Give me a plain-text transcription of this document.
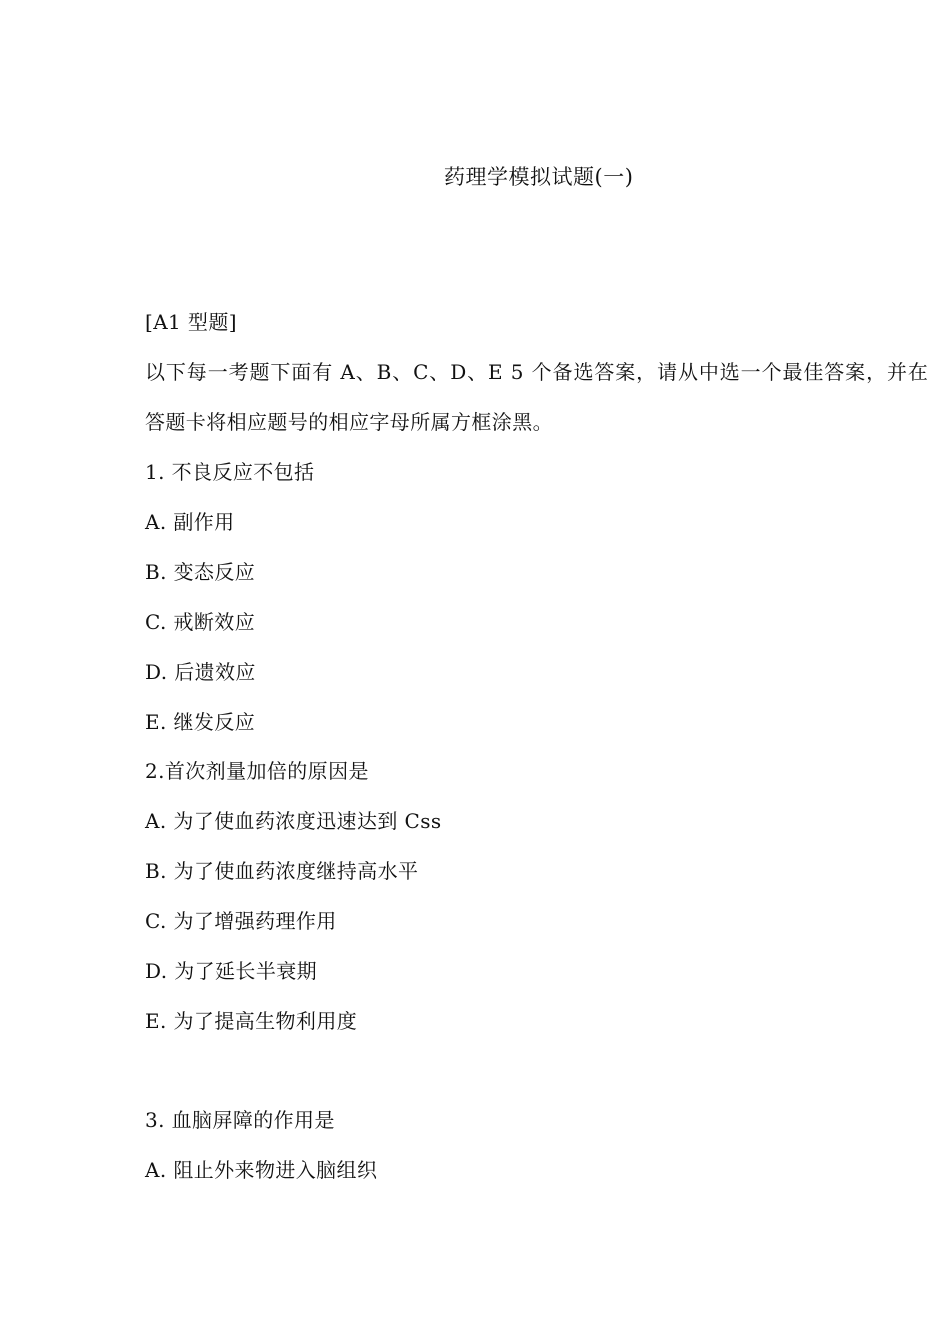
药理学模拟试题(一)
[A1 型题]
以下每一考题下面有 A、B、C、D、E 5 个备选答案，请从中选一个最佳答案，并在
答题卡将相应题号的相应字母所属方框涂黑。
1. 不良反应不包括
A. 副作用
B. 变态反应
C. 戒断效应
D. 后遗效应
E. 继发反应
2.首次剂量加倍的原因是
A. 为了使血药浓度迅速达到 Css
B. 为了使血药浓度继持高水平
C. 为了增强药理作用
D. 为了延长半衰期
E. 为了提高生物利用度
3. 血脑屏障的作用是
A. 阻止外来物进入脑组织
